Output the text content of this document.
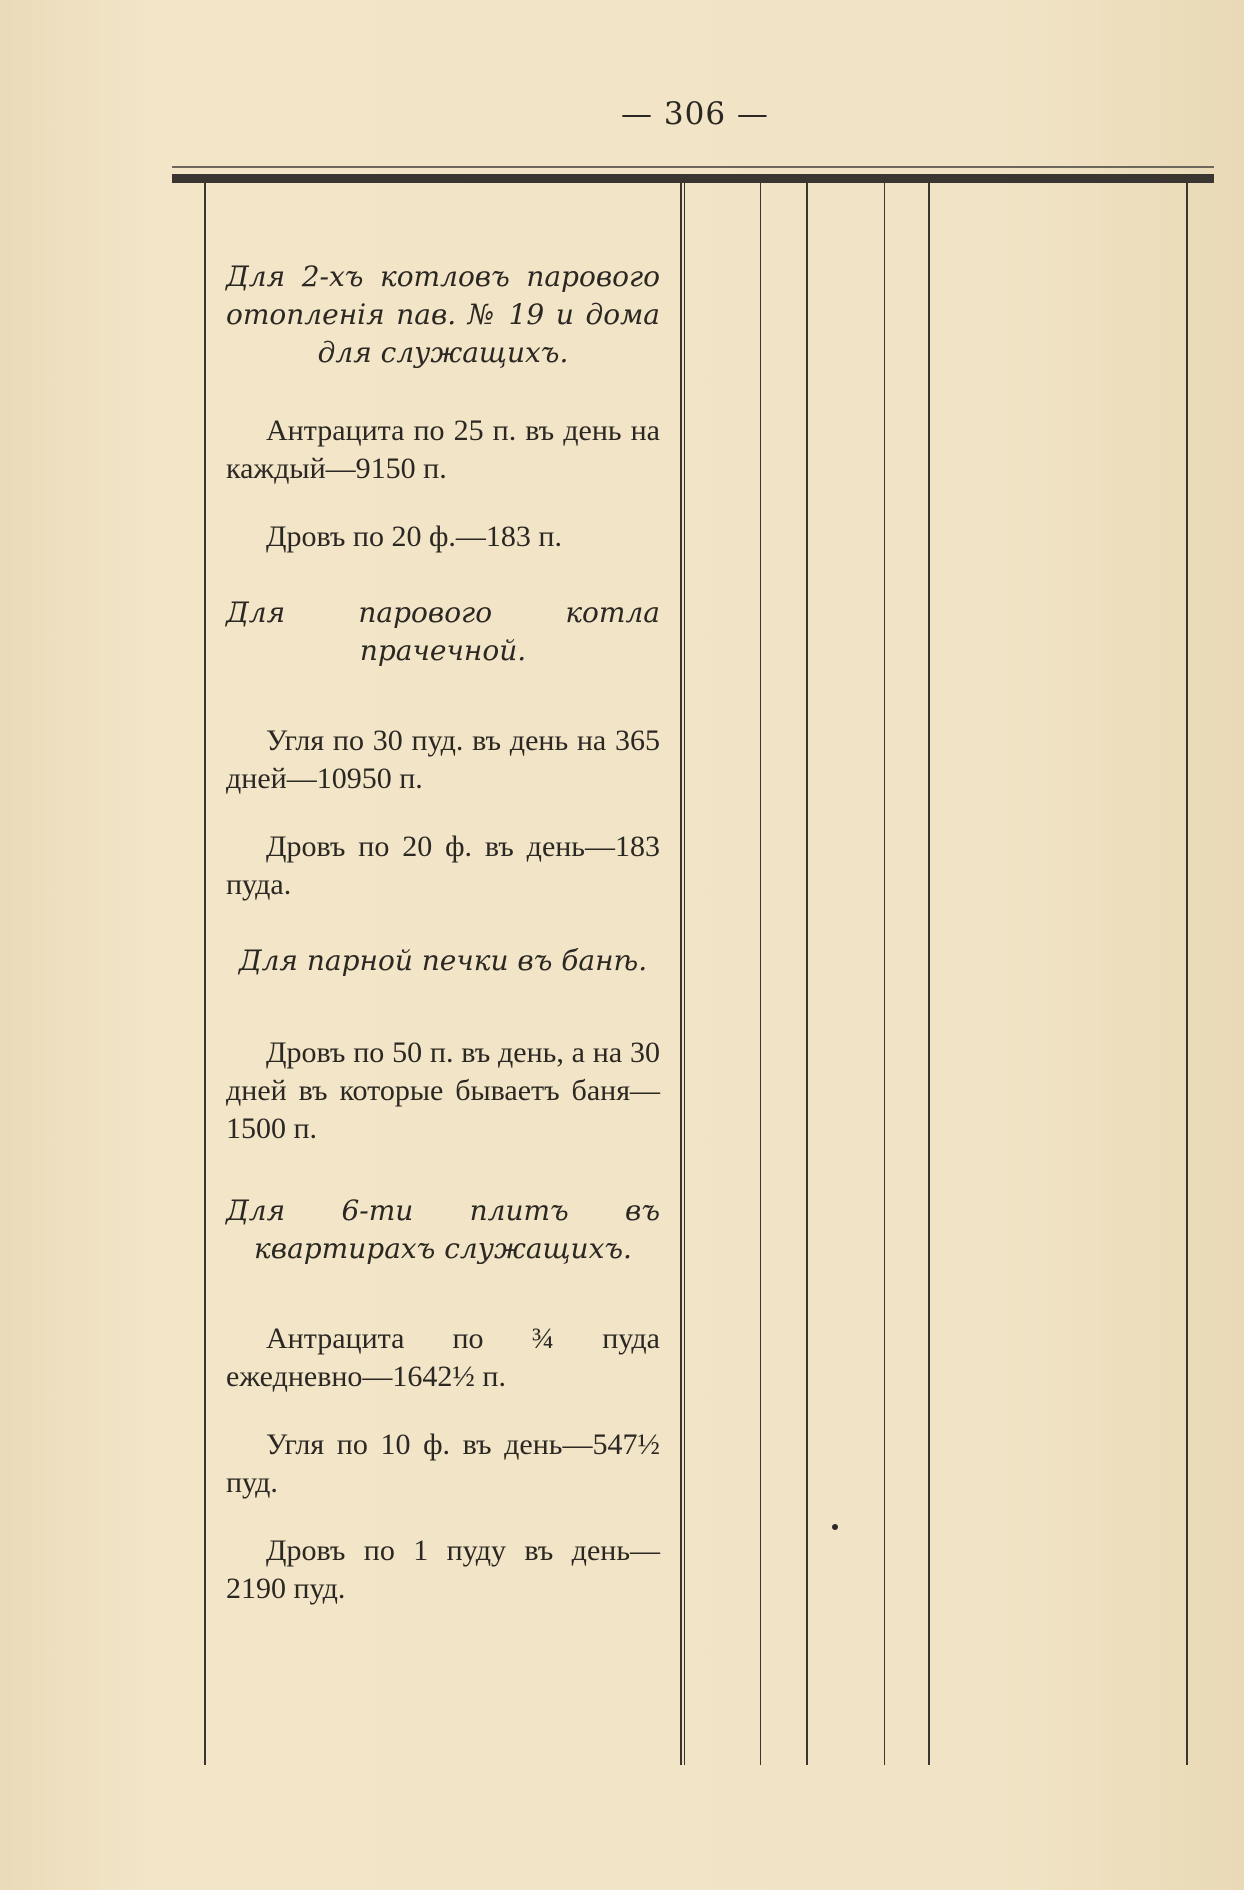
— 306 —

Для 2-хъ котловъ парового отопленія пав. № 19 и дома для служащихъ.

Антрацита по 25 п. въ день на каждый—9150 п.

Дровъ по 20 ф.—183 п.

Для парового котла прачечной.

Угля по 30 пуд. въ день на 365 дней—10950 п.

Дровъ по 20 ф. въ день—183 пуда.

Для парной печки въ банѣ.

Дровъ по 50 п. въ день, а на 30 дней въ которые бываетъ баня—1500 п.

Для 6-ти плитъ въ квартирахъ служащихъ.

Антрацита по ¾ пуда ежедневно—1642½ п.

Угля по 10 ф. въ день—547½ пуд.

Дровъ по 1 пуду въ день—2190 пуд.
